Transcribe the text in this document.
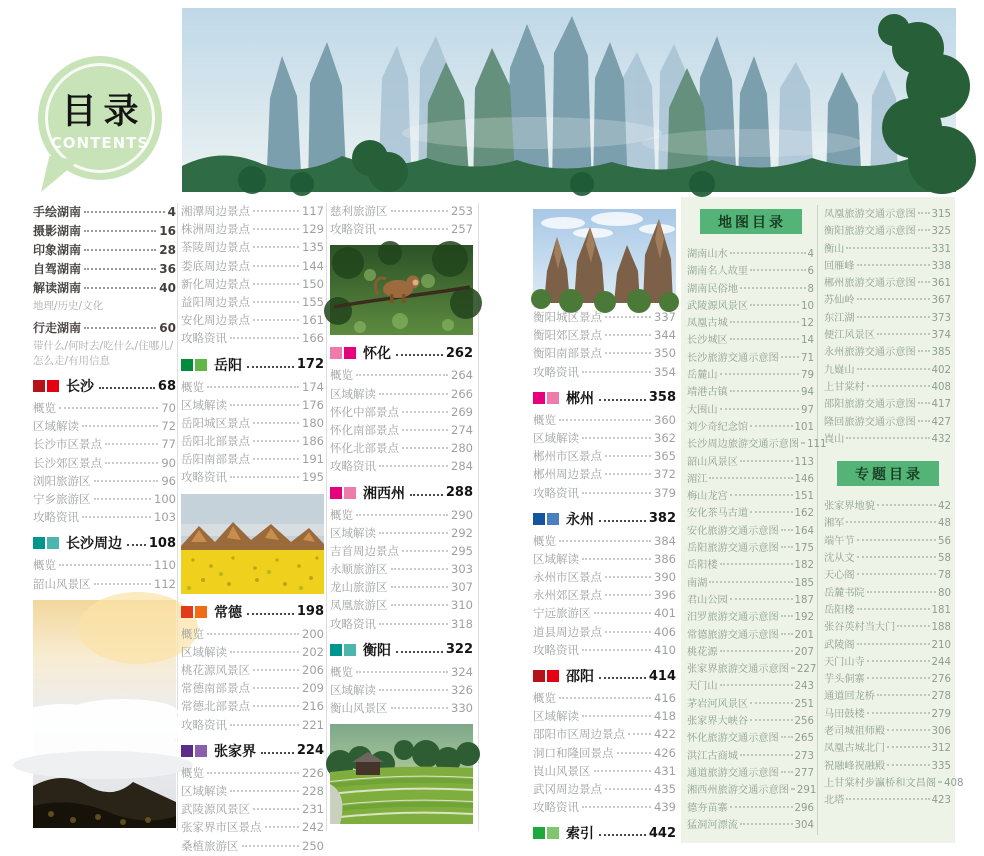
目录
CONTENTS
手绘湖南	4
摄影湖南	16
印象湖南	28
自驾湖南	36
解读湖南	40
地理/历史/文化
行走湖南	60
带什么/何时去/吃什么/住哪儿/怎么走/有用信息
长沙	68
概览	70
区域解读	72
长沙市区景点	77
长沙郊区景点	90
浏阳旅游区	96
宁乡旅游区	100
攻略资讯	103
长沙周边 108
概览	110
韶山风景区	112
湘潭周边景点	117
株洲周边景点	129
茶陵周边景点	135
娄底周边景点	144
新化周边景点	150
益阳周边景点	155
安化周边景点	161
攻略资讯	166
岳阳	172
概览	174
区域解读	176
岳阳城区景点	180
岳阳北部景点	186
岳阳南部景点	191
攻略资讯	195
常德	198
概览	200
区域解读	202
桃花源风景区	206
常德南部景点	209
常德北部景点	216
攻略资讯	221
张家界	224
概览	226
区域解读	228
武陵源风景区	231
张家界市区景点	242
桑植旅游区	250
慈利旅游区	253
攻略资讯	257
怀化	262
概览	264
区域解读	266
怀化中部景点	269
怀化南部景点	274
怀化北部景点	280
攻略资讯	284
湘西州	288
概览	290
区域解读	292
吉首周边景点	295
永顺旅游区	303
龙山旅游区	307
凤凰旅游区	310
攻略资讯	318
衡阳	322
概览	324
区域解读	326
衡山风景区	330
衡阳城区景点	337
衡阳郊区景点	344
衡阳南部景点	350
攻略资讯	354
郴州	358
概览	360
区域解读	362
郴州市区景点	365
郴州周边景点	372
攻略资讯	379
永州	382
概览	384
区域解读	386
永州市区景点	390
永州郊区景点	396
宁远旅游区	401
道县周边景点	406
攻略资讯	410
邵阳	414
概览	416
区域解读	418
邵阳市区周边景点	422
洞口和隆回景点	426
崀山风景区	431
武冈周边景点	435
攻略资讯	439
索引	442
地图目录
湖南山水	4
湖南名人故里	6
湖南民俗地	8
武陵源风景区	10
凤凰古城	12
长沙城区	14
长沙旅游交通示意图 71
岳麓山	79
靖港古镇	94
大围山	97
刘少奇纪念馆	101
长沙周边旅游交通示意图 111
韶山风景区	113
湄江	146
梅山龙宫	151
安化茶马古道	162
安化旅游交通示意图 164
岳阳旅游交通示意图 175
岳阳楼	182
南湖	185
君山公园	187
汨罗旅游交通示意图 192
常德旅游交通示意图 201
桃花源	207
张家界旅游交通示意图 227
天门山	243
茅岩河风景区	251
张家界大峡谷	256
怀化旅游交通示意图 265
洪江古商城	273
通道旅游交通示意图 277
湘西州旅游交通示意图 291
德夯苗寨	296
猛洞河漂流	304
凤凰旅游交通示意图 315
衡阳旅游交通示意图 325
衡山	331
回雁峰	338
郴州旅游交通示意图 361
苏仙岭	367
东江湖	373
便江风景区	374
永州旅游交通示意图 385
九嶷山	402
上甘棠村	408
邵阳旅游交通示意图 417
隆回旅游交通示意图 427
崀山	432
专题目录
张家界地貌	42
湘军	48
端午节	56
沈从文	58
天心阁	78
岳麓书院	80
岳阳楼	181
张谷英村当大门	188
武陵阁	210
天门山寺	244
芋头侗寨	276
通道回龙桥	278
马田鼓楼	279
老司城祖师殿	306
凤凰古城北门	312
祝融峰祝融殿	335
上甘棠村步瀛桥和文昌阁 408
北塔	423
